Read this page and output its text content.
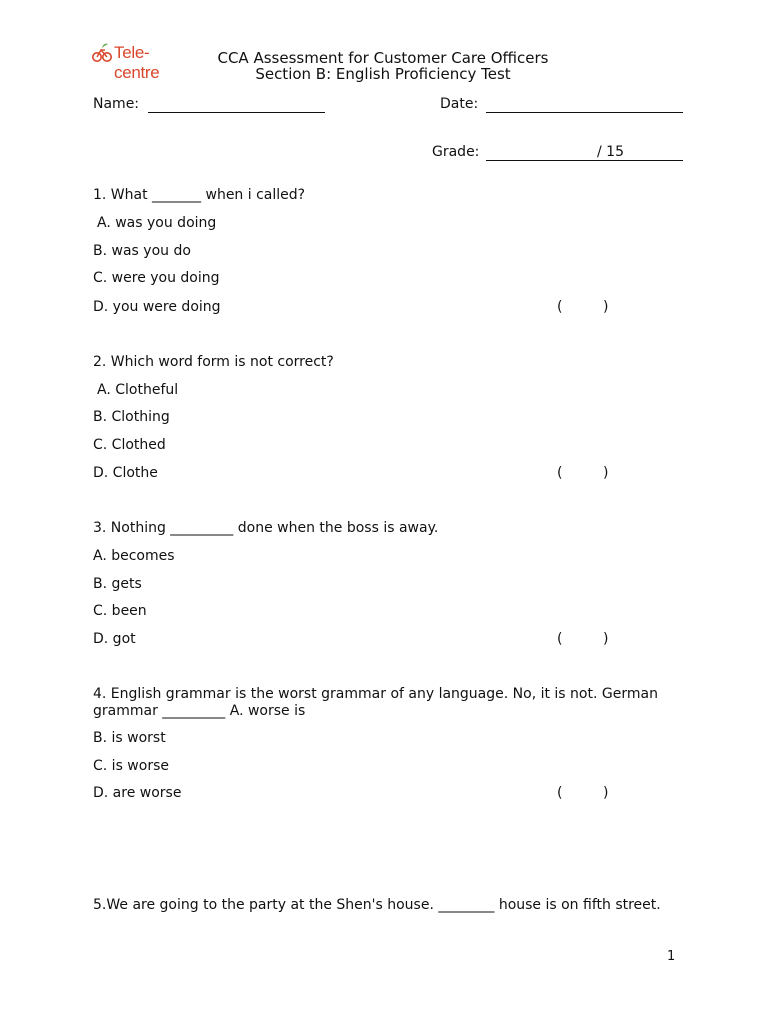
Tele-centre
CCA Assessment for Customer Care Officers
Section B: English Proficiency Test
Name:	Date:
Grade:	/ 15
1. What _______ when i called?
A. was you doing
B. was you do
C. were you doing
D. you were doing	(	)
2. Which word form is not correct?
A. Clotheful
B. Clothing
C. Clothed
D. Clothe	(	)
3. Nothing _________ done when the boss is away.
A. becomes
B. gets
C. been
D. got	(	)
4. English grammar is the worst grammar of any language. No, it is not. German
grammar _________ A. worse is
B. is worst
C. is worse
D. are worse	(	)
5.We are going to the party at the Shen's house. ________ house is on fifth street.
1
